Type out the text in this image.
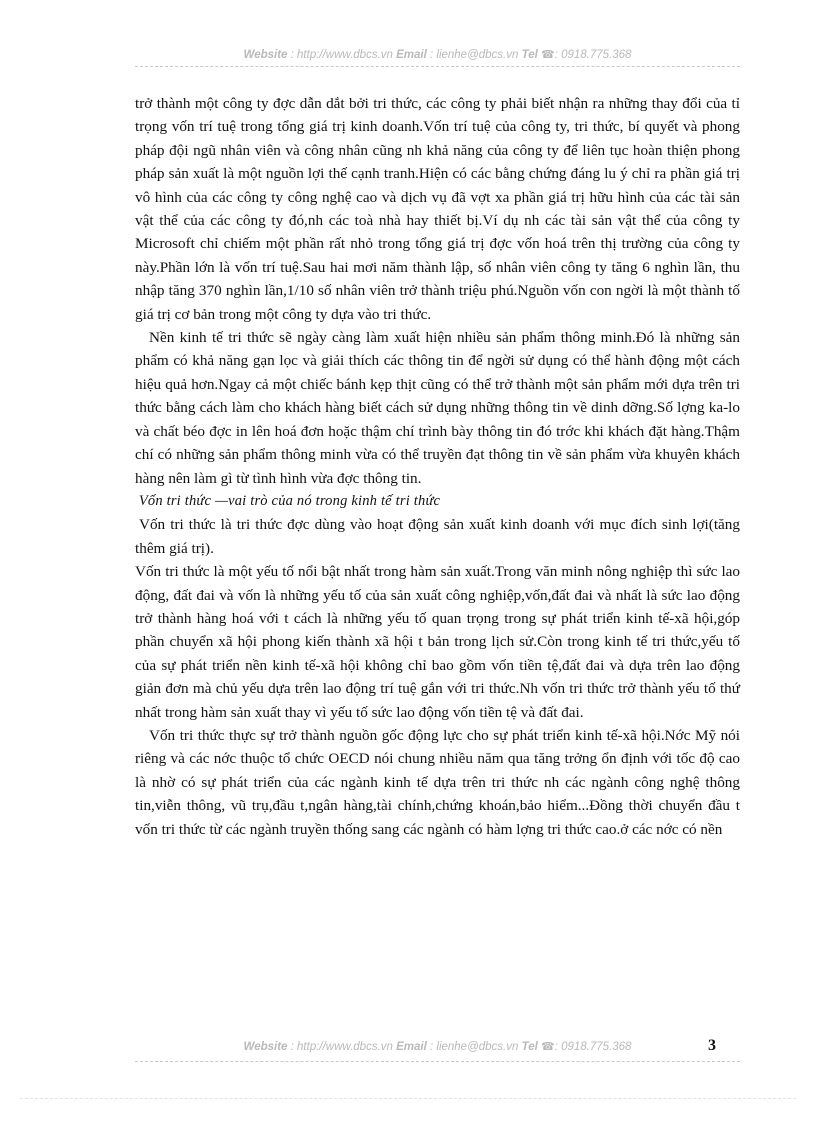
Website : http://www.dbcs.vn Email : lienhe@dbcs.vn Tel ☎: 0918.775.368

trở thành một công ty đợc dẫn dắt bởi tri thức, các công ty phải biết nhận ra những thay đổi của tỉ trọng vốn trí tuệ trong tổng giá trị kinh doanh.Vốn trí tuệ của công ty, tri thức, bí quyết và phong pháp đội ngũ nhân viên và công nhân cũng nh khả năng của công ty để liên tục hoàn thiện phong pháp sản xuất là một nguồn lợi thế cạnh tranh.Hiện có các bằng chứng đáng lu ý chỉ ra phần giá trị vô hình của các công ty công nghệ cao và dịch vụ đã vợt xa phần giá trị hữu hình của các tài sản vật thể của các công ty đó,nh các toà nhà hay thiết bị.Ví dụ nh các tài sản vật thể của công ty Microsoft chỉ chiếm một phần rất nhỏ trong tổng giá trị đợc vốn hoá trên thị trường của công ty này.Phần lớn là vốn trí tuệ.Sau hai mơi năm thành lập, số nhân viên công ty tăng 6 nghìn lần, thu nhập tăng 370 nghìn lần,1/10 số nhân viên trở thành triệu phú.Nguồn vốn con ngời là một thành tố giá trị cơ bản trong một công ty dựa vào tri thức.

Nền kinh tế tri thức sẽ ngày càng làm xuất hiện nhiều sản phẩm thông minh.Đó là những sản phẩm có khả năng gạn lọc và giải thích các thông tin để ngời sử dụng có thể hành động một cách hiệu quả hơn.Ngay cả một chiếc bánh kẹp thịt cũng có thể trở thành một sản phẩm mới dựa trên tri thức bằng cách làm cho khách hàng biết cách sử dụng những thông tin về dinh dỡng.Số lợng ka-lo và chất béo đợc in lên hoá đơn hoặc thậm chí trình bày thông tin đó trớc khi khách đặt hàng.Thậm chí có những sản phẩm thông minh vừa có thể truyền đạt thông tin về sản phẩm vừa khuyên khách hàng nên làm gì từ tình hình vừa đợc thông tin.

Vốn tri thức —vai trò của nó trong kinh tế tri thức

Vốn tri thức là tri thức đợc dùng vào hoạt động sản xuất kinh doanh với mục đích sinh lợi(tăng thêm giá trị).

Vốn tri thức là một yếu tố nổi bật nhất trong hàm sản xuất.Trong văn minh nông nghiệp thì sức lao động, đất đai và vốn là những yếu tố của sản xuất công nghiệp,vốn,đất đai và nhất là sức lao động trở thành hàng hoá với t cách là những yếu tố quan trọng trong sự phát triển kinh tế-xã hội,góp phần chuyển xã hội phong kiến thành xã hội t bản trong lịch sử.Còn trong kinh tế tri thức,yếu tố của sự phát triển nền kinh tế-xã hội không chỉ bao gồm vốn tiền tệ,đất đai và dựa trên lao động giản đơn mà chủ yếu dựa trên lao động trí tuệ gắn với tri thức.Nh vốn tri thức trở thành yếu tố thứ nhất trong hàm sản xuất thay vì yếu tố sức lao động vốn tiền tệ và đất đai.

Vốn tri thức thực sự trở thành nguồn gốc động lực cho sự phát triển kinh tế-xã hội.Nớc Mỹ nói riêng và các nớc thuộc tổ chức OECD nói chung nhiều năm qua tăng trởng ổn định với tốc độ cao là nhờ có sự phát triển của các ngành kinh tế dựa trên tri thức nh các ngành công nghệ thông tin,viễn thông, vũ trụ,đầu t,ngân hàng,tài chính,chứng khoán,bảo hiểm...Đồng thời chuyển đầu t vốn tri thức từ các ngành truyền thống sang các ngành có hàm lợng tri thức cao.ở các nớc có nền

Website : http://www.dbcs.vn Email : lienhe@dbcs.vn Tel ☎: 0918.775.368	3
